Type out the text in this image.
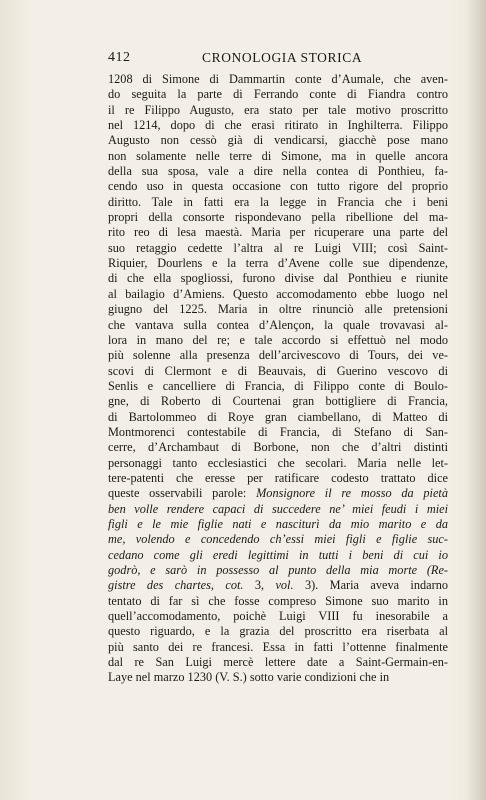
412	CRONOLOGIA STORICA
1208 di Simone di Dammartin conte d’Aumale, che aven-
do seguita la parte di Ferrando conte di Fiandra contro
il re Filippo Augusto, era stato per tale motivo proscritto
nel 1214, dopo di che erasi ritirato in Inghilterra. Filippo
Augusto non cessò già di vendicarsi, giacchè pose mano
non solamente nelle terre di Simone, ma in quelle ancora
della sua sposa, vale a dire nella contea di Ponthieu, fa-
cendo uso in questa occasione con tutto rigore del proprio
diritto. Tale in fatti era la legge in Francia che i beni
propri della consorte rispondevano pella ribellione del ma-
rito reo di lesa maestà. Maria per ricuperare una parte del
suo retaggio cedette l’altra al re Luigi VIII; così Saint-
Riquier, Dourlens e la terra d’Avene colle sue dipendenze,
di che ella spogliossi, furono divise dal Ponthieu e riunite
al bailagio d’Amiens. Questo accomodamento ebbe luogo nel
giugno del 1225. Maria in oltre rinunciò alle pretensioni
che vantava sulla contea d’Alençon, la quale trovavasi al-
lora in mano del re; e tale accordo si effettuò nel modo
più solenne alla presenza dell’arcivescovo di Tours, dei ve-
scovi di Clermont e di Beauvais, di Guerino vescovo di
Senlis e cancelliere di Francia, di Filippo conte di Boulo-
gne, di Roberto di Courtenai gran bottigliere di Francia,
di Bartolommeo di Roye gran ciambellano, di Matteo di
Montmorenci contestabile di Francia, di Stefano di San-
cerre, d’Archambaut di Borbone, non che d’altri distinti
personaggi tanto ecclesiastici che secolari. Maria nelle let-
tere-patenti che eresse per ratificare codesto trattato dice
queste osservabili parole: Monsignore il re mosso da pietà
ben volle rendere capaci di succedere ne’ miei feudi i miei
figli e le mie figlie nati e nasciturì da mio marito e da
me, volendo e concedendo ch’essi miei figli e figlie suc-
cedano come gli eredi legittimi in tutti i beni di cui io
godrò, e sarò in possesso al punto della mia morte (Re-
gistre des chartes, cot. 3, vol. 3). Maria aveva indarno
tentato di far sì che fosse compreso Simone suo marito in
quell’accomodamento, poichè Luigi VIII fu inesorabile a
questo riguardo, e la grazia del proscritto era riserbata al
più santo dei re francesi. Essa in fatti l’ottenne finalmente
dal re San Luigi mercè lettere date a Saint-Germain-en-
Laye nel marzo 1230 (V. S.) sotto varie condizioni che in
